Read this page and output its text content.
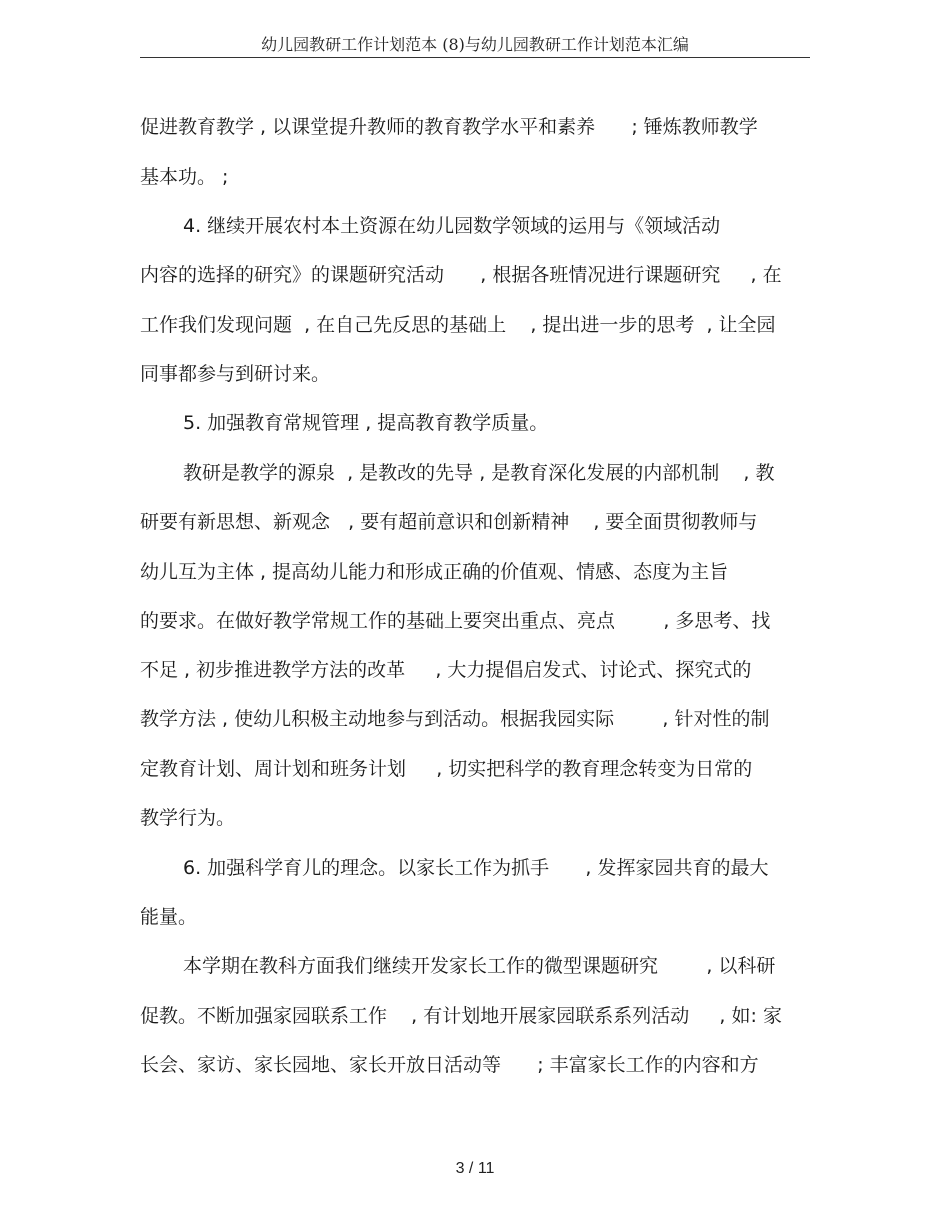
幼儿园教研工作计划范本 (8)与幼儿园教研工作计划范本汇编
促进教育教学 , 以课堂提升教师的教育教学水平和素养      ; 锤炼教师教学
基本功。 ;
4. 继续开展农村本土资源在幼儿园数学领域的运用与《领域活动
内容的选择的研究》的课题研究活动      , 根据各班情况进行课题研究     , 在
工作我们发现问题  , 在自己先反思的基础上    , 提出进一步的思考  , 让全园
同事都参与到研讨来。
5. 加强教育常规管理 , 提高教育教学质量。
教研是教学的源泉  , 是教改的先导 , 是教育深化发展的内部机制    , 教
研要有新思想、新观念   , 要有超前意识和创新精神    , 要全面贯彻教师与
幼儿互为主体 , 提高幼儿能力和形成正确的价值观、情感、态度为主旨
的要求。在做好教学常规工作的基础上要突出重点、亮点        , 多思考、找
不足 , 初步推进教学方法的改革     , 大力提倡启发式、讨论式、探究式的
教学方法 , 使幼儿积极主动地参与到活动。根据我园实际        , 针对性的制
定教育计划、周计划和班务计划     , 切实把科学的教育理念转变为日常的
教学行为。
6. 加强科学育儿的理念。以家长工作为抓手      , 发挥家园共育的最大
能量。
本学期在教科方面我们继续开发家长工作的微型课题研究        , 以科研
促教。不断加强家园联系工作    , 有计划地开展家园联系系列活动     , 如: 家
长会、家访、家长园地、家长开放日活动等      ; 丰富家长工作的内容和方
3 / 11
